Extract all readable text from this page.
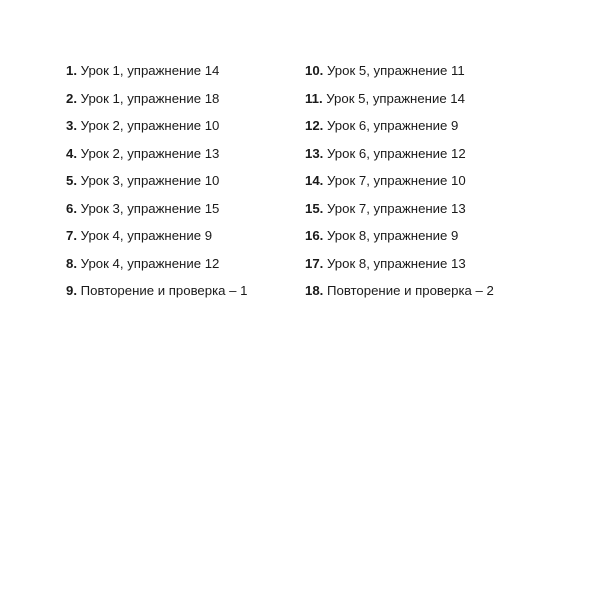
1. Урок 1, упражнение 14
2. Урок 1, упражнение 18
3. Урок 2, упражнение 10
4. Урок 2, упражнение 13
5. Урок 3, упражнение 10
6. Урок 3, упражнение 15
7. Урок 4, упражнение 9
8. Урок 4, упражнение 12
9. Повторение и проверка – 1
10. Урок 5, упражнение 11
11. Урок 5, упражнение 14
12. Урок 6, упражнение 9
13. Урок 6, упражнение 12
14. Урок 7, упражнение 10
15. Урок 7, упражнение 13
16. Урок 8, упражнение 9
17. Урок 8, упражнение 13
18. Повторение и проверка – 2
